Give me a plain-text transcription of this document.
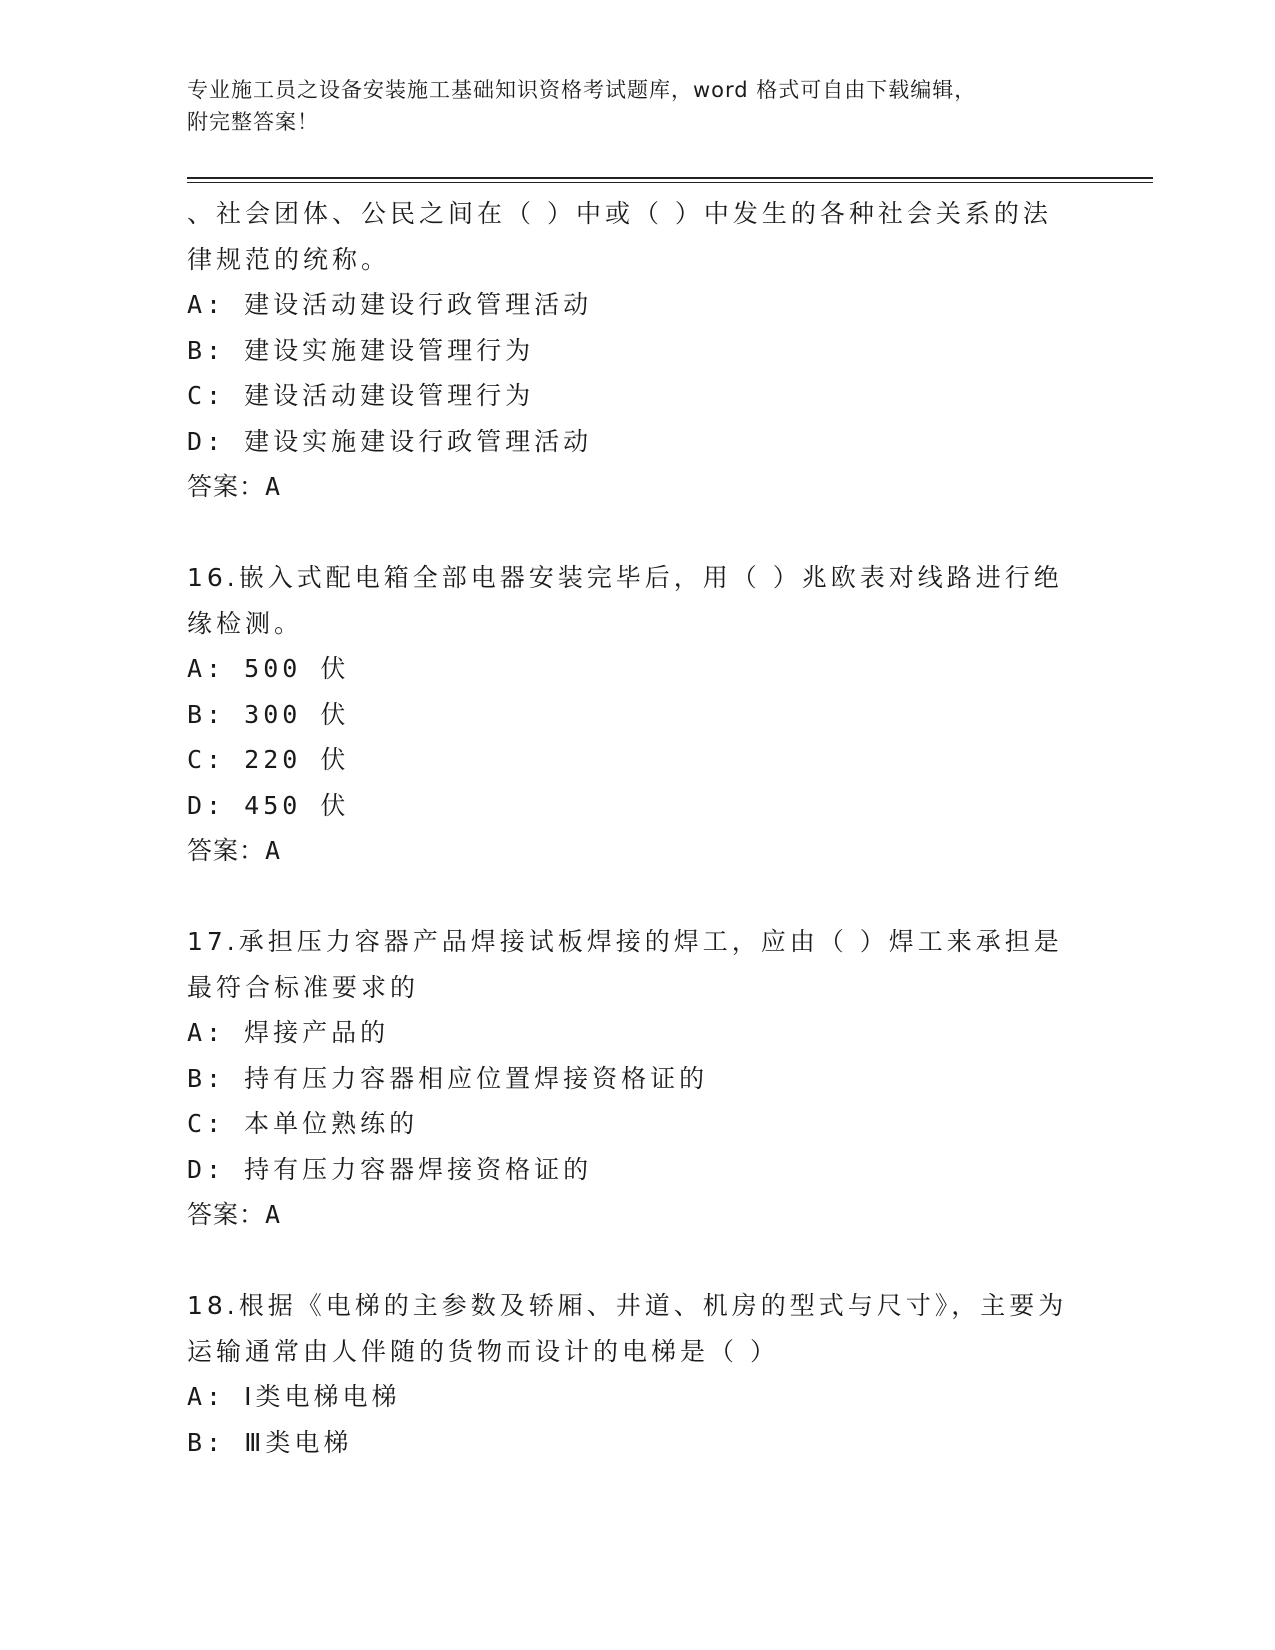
专业施工员之设备安装施工基础知识资格考试题库，word 格式可自由下载编辑，
附完整答案！
、社会团体、公民之间在（ ）中或（ ）中发生的各种社会关系的法
律规范的统称。
A: 建设活动建设行政管理活动
B: 建设实施建设管理行为
C: 建设活动建设管理行为
D: 建设实施建设行政管理活动
答案：A
16.嵌入式配电箱全部电器安装完毕后，用（ ）兆欧表对线路进行绝
缘检测。
A: 500 伏
B: 300 伏
C: 220 伏
D: 450 伏
答案：A
17.承担压力容器产品焊接试板焊接的焊工，应由（ ）焊工来承担是
最符合标准要求的
A: 焊接产品的
B: 持有压力容器相应位置焊接资格证的
C: 本单位熟练的
D: 持有压力容器焊接资格证的
答案：A
18.根据《电梯的主参数及轿厢、井道、机房的型式与尺寸》，主要为
运输通常由人伴随的货物而设计的电梯是（ ）
A: Ⅰ类电梯电梯
B: Ⅲ类电梯
